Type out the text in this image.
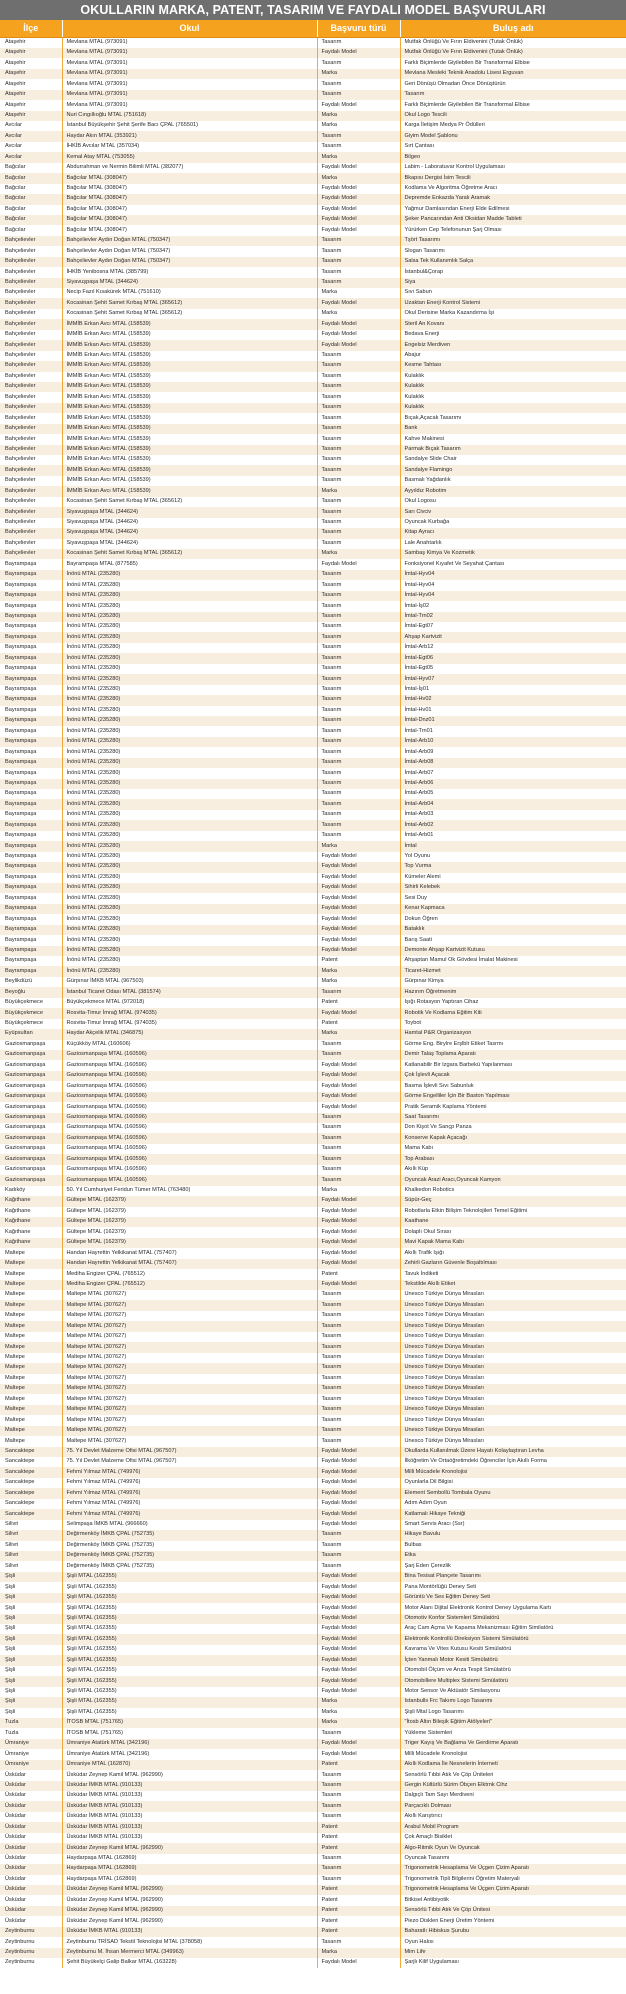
OKULLARIN MARKA, PATENT, TASARIM VE FAYDALI MODEL BAŞVURULARI
İlçe	Okul	Başvuru türü	Buluş adı
Ataşehir	Mevlana MTAL (973091)	Tasarım	Mutfak Önlüğü Ve Fırın Eldivenini (Tutak Önlük)
Ataşehir	Mevlana MTAL (973091)	Faydalı Model	Mutfak Önlüğü Ve Fırın Eldivenini (Tutak Önlük)
Ataşehir	Mevlana MTAL (973091)	Tasarım	Farklı Biçimlerde Giyilebilen Bir Transformal Elbise
Ataşehir	Mevlana MTAL (973091)	Marka	Mevlana Mesleki Teknik Anadolu Lisesi Erguvan
Ataşehir	Mevlana MTAL (973091)	Tasarım	Geri Dönüşü Olmadan Önce Dönüştürün
Ataşehir	Mevlana MTAL (973091)	Tasarım	Tasarım
Ataşehir	Mevlana MTAL (973091)	Faydalı Model	Farklı Biçimlerde Giyilebilen Bir Transformal Elbise
Ataşehir	Nuri Cıngıllıoğlu MTAL (751618)	Marka	Okul Logo Tescili
Avcılar	İstanbul Büyükşehir Şehit Şerife Bacı ÇPAL (765501)	Marka	Karga İletişim Medya Pr Ödülleri
Avcılar	Haydar Akın MTAL (353921)	Tasarım	Giyim Model Şablonu
Avcılar	İHKİB Avcılar MTAL (357034)	Tasarım	Sırt Çantası
Avcılar	Kemal Atay MTAL (753055)	Marka	Bilgeo
Bağcılar	Abdurrahman ve Nermin Bilimli MTAL (382077)	Faydalı Model	Labim - Laboratuvar Kontrol Uygulaması
Bağcılar	Bağcılar MTAL (308047)	Marka	Bkapısı Dergisi İsim Tescili
Bağcılar	Bağcılar MTAL (308047)	Faydalı Model	Kodlama Ve Algoritma Öğretme Aracı
Bağcılar	Bağcılar MTAL (308047)	Faydalı Model	Depremde Enkazda Yaralı Aramak
Bağcılar	Bağcılar MTAL (308047)	Faydalı Model	Yağmur Damlasından Enerji Elde Edilmesi
Bağcılar	Bağcılar MTAL (308047)	Faydalı Model	Şeker Pancarından Anti Oksidan Madde Tableti
Bağcılar	Bağcılar MTAL (308047)	Faydalı Model	Yürürken Cep Telefonunun Şarj Olması
Bahçelievler	Bahçelievler Aydın Doğan MTAL (750347)	Tasarım	Tşört Tasarımı
Bahçelievler	Bahçelievler Aydın Doğan MTAL (750347)	Tasarım	Slogan Tasarımı
Bahçelievler	Bahçelievler Aydın Doğan MTAL (750347)	Tasarım	Salsa Tek Kullanımlık Salça
Bahçelievler	İHKİB Yenibosna MTAL (385799)	Tasarım	İstanbul&Çorap
Bahçelievler	Siyavuşpaşa MTAL (344624)	Tasarım	Siya
Bahçelievler	Necip Fazıl Kısakürek MTAL (751610)	Marka	Sıvı Sabun
Bahçelievler	Kocasinan Şehit Samet Kırbaş MTAL (365612)	Faydalı Model	Uzaktan Enerji Kontrol Sistemi
Bahçelievler	Kocasinan Şehit Samet Kırbaş MTAL (365612)	Marka	Okul Derisine Marka Kazandırma İşi
Bahçelievler	İMMİB Erkan Avcı MTAL (158539)	Faydalı Model	Steril An Kovanı
Bahçelievler	İMMİB Erkan Avcı MTAL (158539)	Faydalı Model	Bedava Enerji
Bahçelievler	İMMİB Erkan Avcı MTAL (158539)	Faydalı Model	Engelsiz Merdiven
Bahçelievler	İMMİB Erkan Avcı MTAL (158539)	Tasarım	Abajur
Bahçelievler	İMMİB Erkan Avcı MTAL (158539)	Tasarım	Kesme Tahtası
Bahçelievler	İMMİB Erkan Avcı MTAL (158539)	Tasarım	Kulaklık
Bahçelievler	İMMİB Erkan Avcı MTAL (158539)	Tasarım	Kulaklık
Bahçelievler	İMMİB Erkan Avcı MTAL (158539)	Tasarım	Kulaklık
Bahçelievler	İMMİB Erkan Avcı MTAL (158539)	Tasarım	Kulaklık
Bahçelievler	İMMİB Erkan Avcı MTAL (158539)	Tasarım	Bıçak,Açacak Tasarımı
Bahçelievler	İMMİB Erkan Avcı MTAL (158539)	Tasarım	Bank
Bahçelievler	İMMİB Erkan Avcı MTAL (158539)	Tasarım	Kahve Makinesi
Bahçelievler	İMMİB Erkan Avcı MTAL (158539)	Tasarım	Parmak Bıçak Tasarım
Bahçelievler	İMMİB Erkan Avcı MTAL (158539)	Tasarım	Sandalye Slide Chair
Bahçelievler	İMMİB Erkan Avcı MTAL (158539)	Tasarım	Sandalye Flamingo
Bahçelievler	İMMİB Erkan Avcı MTAL (158539)	Tasarım	Basmalı Yağdanlık
Bahçelievler	İMMİB Erkan Avcı MTAL (158539)	Marka	Ayyıldız Robotim
Bahçelievler	Kocasinan Şehit Samet Kırbaş MTAL (365612)	Tasarım	Okul Logosu
Bahçelievler	Siyavuşpaşa MTAL (344624)	Tasarım	Sarı Civciv
Bahçelievler	Siyavuşpaşa MTAL (344624)	Tasarım	Oyuncak Kurbağa
Bahçelievler	Siyavuşpaşa MTAL (344624)	Tasarım	Kitap Ayracı
Bahçelievler	Siyavuşpaşa MTAL (344624)	Tasarım	Lale Anahtarlık
Bahçelievler	Kocasinan Şehit Samet Kırbaş MTAL (365612)	Marka	Sambaş Kimya Ve Kozmetik
Bayrampaşa	Bayrampaşa MTAL (877585)	Faydalı Model	Fonksiyonel Kıyafet Ve Seyahat Çantası
Bayrampaşa	İnönü MTAL (235280)	Tasarım	İmtal-Hyv04
Bayrampaşa	İnönü MTAL (235280)	Tasarım	İmtal-Hyv04
Bayrampaşa	İnönü MTAL (235280)	Tasarım	İmtal-Hyv04
Bayrampaşa	İnönü MTAL (235280)	Tasarım	İmtal-İş02
Bayrampaşa	İnönü MTAL (235280)	Tasarım	İmtal-Trn02
Bayrampaşa	İnönü MTAL (235280)	Tasarım	İmtal-Egt07
Bayrampaşa	İnönü MTAL (235280)	Tasarım	Ahşap Kartvizit
Bayrampaşa	İnönü MTAL (235280)	Tasarım	İmtal-Arb12
Bayrampaşa	İnönü MTAL (235280)	Tasarım	İmtal-Egt06
Bayrampaşa	İnönü MTAL (235280)	Tasarım	İmtal-Egt05
Bayrampaşa	İnönü MTAL (235280)	Tasarım	İmtal-Hyv07
Bayrampaşa	İnönü MTAL (235280)	Tasarım	İmtal-İş01
Bayrampaşa	İnönü MTAL (235280)	Tasarım	İmtal-Hv02
Bayrampaşa	İnönü MTAL (235280)	Tasarım	İmtal-Hv01
Bayrampaşa	İnönü MTAL (235280)	Tasarım	İmtal-Dnz01
Bayrampaşa	İnönü MTAL (235280)	Tasarım	İmtal-Trn01
Bayrampaşa	İnönü MTAL (235280)	Tasarım	İmtal-Arb10
Bayrampaşa	İnönü MTAL (235280)	Tasarım	İmtal-Arb09
Bayrampaşa	İnönü MTAL (235280)	Tasarım	İmtal-Arb08
Bayrampaşa	İnönü MTAL (235280)	Tasarım	İmtal-Arb07
Bayrampaşa	İnönü MTAL (235280)	Tasarım	İmtal-Arb06
Bayrampaşa	İnönü MTAL (235280)	Tasarım	İmtal-Arb05
Bayrampaşa	İnönü MTAL (235280)	Tasarım	İmtal-Arb04
Bayrampaşa	İnönü MTAL (235280)	Tasarım	İmtal-Arb03
Bayrampaşa	İnönü MTAL (235280)	Tasarım	İmtal-Arb02
Bayrampaşa	İnönü MTAL (235280)	Tasarım	İmtal-Arb01
Bayrampaşa	İnönü MTAL (235280)	Marka	İmtal
Bayrampaşa	İnönü MTAL (235280)	Faydalı Model	Yol Oyunu
Bayrampaşa	İnönü MTAL (235280)	Faydalı Model	Top Vurma
Bayrampaşa	İnönü MTAL (235280)	Faydalı Model	Kümeler Alemi
Bayrampaşa	İnönü MTAL (235280)	Faydalı Model	Sihirli Kelebek
Bayrampaşa	İnönü MTAL (235280)	Faydalı Model	Sesi Duy
Bayrampaşa	İnönü MTAL (235280)	Faydalı Model	Kenar Kapmaca
Bayrampaşa	İnönü MTAL (235280)	Faydalı Model	Dokun Öğren
Bayrampaşa	İnönü MTAL (235280)	Faydalı Model	Bataklık
Bayrampaşa	İnönü MTAL (235280)	Faydalı Model	Barış Saati
Bayrampaşa	İnönü MTAL (235280)	Faydalı Model	Demonte Ahşap Kartvizit Kutusu
Bayrampaşa	İnönü MTAL (235280)	Patent	Ahşaptan Mamul Ok Gövdesi İmalat Makinesi
Bayrampaşa	İnönü MTAL (235280)	Marka	Ticaret-Hizmet
Beylikdüzü	Gürpınar İMKB MTAL (967503)	Marka	Gürpınar Kimya
Beyoğlu	İstanbul Ticaret Odası MTAL (381574)	Tasarım	Hazırım Öğretmenim
Büyükçekmece	Büyükçekmece MTAL (972018)	Patent	Işığı Rotasyon Yaptıran Cihaz
Büyükçekmece	Rosvita-Timur İmrağ MTAL (974035)	Faydalı Model	Robotik Ve Kodlama Eğitim Kiti
Büyükçekmece	Rosvita-Timur İmrağ MTAL (974035)	Patent	Toybot
Eyüpsultan	Haydar Akçelik MTAL (346875)	Marka	Hamtal P&R Organizasyon
Gaziosmanpaşa	Küçükköy MTAL (160606)	Tasarım	Görme Eng. Birylre Erşlblr Etiket Tasrmı
Gaziosmanpaşa	Gaziosmanpaşa MTAL (160596)	Tasarım	Demir Talaş Toplama Aparatı
Gaziosmanpaşa	Gaziosmanpaşa MTAL (160596)	Faydalı Model	Katlanabilir Bir Izgara Barbekü Yapılanması
Gaziosmanpaşa	Gaziosmanpaşa MTAL (160596)	Faydalı Model	Çok İşlevli Açacak
Gaziosmanpaşa	Gaziosmanpaşa MTAL (160596)	Faydalı Model	Basma İşlevli Sıvı Sabunluk
Gaziosmanpaşa	Gaziosmanpaşa MTAL (160596)	Faydalı Model	Görme Engelliler İçin Bir Baston Yapılması
Gaziosmanpaşa	Gaziosmanpaşa MTAL (160596)	Faydalı Model	Pratik Seramik Kaplama Yöntemi
Gaziosmanpaşa	Gaziosmanpaşa MTAL (160596)	Tasarım	Saat Tasarımı
Gaziosmanpaşa	Gaziosmanpaşa MTAL (160596)	Tasarım	Don Kişot Ve Sançp Panza
Gaziosmanpaşa	Gaziosmanpaşa MTAL (160596)	Tasarım	Konserve Kapak Açacağı
Gaziosmanpaşa	Gaziosmanpaşa MTAL (160596)	Tasarım	Mama Kabı
Gaziosmanpaşa	Gaziosmanpaşa MTAL (160596)	Tasarım	Top Arabası
Gaziosmanpaşa	Gaziosmanpaşa MTAL (160596)	Tasarım	Akıllı Küp
Gaziosmanpaşa	Gaziosmanpaşa MTAL (160596)	Tasarım	Oyuncak Arazi Aracı,Oyuncak Kamyon
Kadıköy	50. Yıl Cumhuriyet Feridun Tümer MTAL (763480)	Marka	Khalkedon Robotics
Kağıthane	Gültepe MTAL (162379)	Faydalı Model	Süpür-Geç
Kağıthane	Gültepe MTAL (162379)	Faydalı Model	Robotlarla Etkin Bilişim Teknolojileri Temel Eğitimi
Kağıthane	Gültepe MTAL (162379)	Faydalı Model	Kaathane
Kağıthane	Gültepe MTAL (162379)	Faydalı Model	Dolaplı Okul Sırası
Kağıthane	Gültepe MTAL (162379)	Faydalı Model	Mavi Kapak Mama Kabı
Maltepe	Handan Hayrettin Yelkikanat MTAL (757407)	Faydalı Model	Akıllı Trafik Işığı
Maltepe	Handan Hayrettin Yelkikanat MTAL (757407)	Faydalı Model	Zehirli Gazların Güvenle Boşaltılması
Maltepe	Mediha Engizer ÇPAL (765512)	Patent	Tavuk İndiketi
Maltepe	Mediha Engizer ÇPAL (765512)	Faydalı Model	Tekstilde Akıllı Etiket
Maltepe	Maltepe MTAL (307627)	Tasarım	Unesco Türkiye Dünya Mirasları
Maltepe	Maltepe MTAL (307627)	Tasarım	Unesco Türkiye Dünya Mirasları
Maltepe	Maltepe MTAL (307627)	Tasarım	Unesco Türkiye Dünya Mirasları
Maltepe	Maltepe MTAL (307627)	Tasarım	Unesco Türkiye Dünya Mirasları
Maltepe	Maltepe MTAL (307627)	Tasarım	Unesco Türkiye Dünya Mirasları
Maltepe	Maltepe MTAL (307627)	Tasarım	Unesco Türkiye Dünya Mirasları
Maltepe	Maltepe MTAL (307627)	Tasarım	Unesco Türkiye Dünya Mirasları
Maltepe	Maltepe MTAL (307627)	Tasarım	Unesco Türkiye Dünya Mirasları
Maltepe	Maltepe MTAL (307627)	Tasarım	Unesco Türkiye Dünya Mirasları
Maltepe	Maltepe MTAL (307627)	Tasarım	Unesco Türkiye Dünya Mirasları
Maltepe	Maltepe MTAL (307627)	Tasarım	Unesco Türkiye Dünya Mirasları
Maltepe	Maltepe MTAL (307627)	Tasarım	Unesco Türkiye Dünya Mirasları
Maltepe	Maltepe MTAL (307627)	Tasarım	Unesco Türkiye Dünya Mirasları
Maltepe	Maltepe MTAL (307627)	Tasarım	Unesco Türkiye Dünya Mirasları
Maltepe	Maltepe MTAL (307627)	Tasarım	Unesco Türkiye Dünya Mirasları
Sancaktepe	75. Yıl Devlet Malzeme Ofisi MTAL (967507)	Faydalı Model	Okullarda Kullanılmak Üzere Hayatı Kolaylaştıran Levha
Sancaktepe	75. Yıl Devlet Malzeme Ofisi MTAL (967507)	Faydalı Model	İlköğretim Ve Ortaöğretimdeki Öğrenciler İçin Akıllı Forma
Sancaktepe	Fehmi Yılmaz MTAL (749976)	Faydalı Model	Milli Mücadele Kronolojisi
Sancaktepe	Fehmi Yılmaz MTAL (749976)	Faydalı Model	Oyunlarla Dil Bilgisi
Sancaktepe	Fehmi Yılmaz MTAL (749976)	Faydalı Model	Element Sembollü Tombala Oyunu
Sancaktepe	Fehmi Yılmaz MTAL (749976)	Faydalı Model	Adım Adım Oyun
Sancaktepe	Fehmi Yılmaz MTAL (749976)	Faydalı Model	Katlamalı Hikaye Tekniği
Silivri	Selimpaşa İMKB MTAL (966660)	Faydalı Model	Smart Servis Aracı (Ssr)
Silivri	Değirmenköy İMKB ÇPAL (752735)	Tasarım	Hikaye Bavulu
Silivri	Değirmenköy İMKB ÇPAL (752735)	Tasarım	Bulbas
Silivri	Değirmenköy İMKB ÇPAL (752735)	Tasarım	Etka
Silivri	Değirmenköy İMKB ÇPAL (752735)	Tasarım	Şarj Eden Çerezlik
Şişli	Şişli MTAL (162355)	Faydalı Model	Bina Tesisat Plançete Tasarımı
Şişli	Şişli MTAL (162355)	Faydalı Model	Pana Montörlüğü Deney Seti
Şişli	Şişli MTAL (162355)	Faydalı Model	Görüntü Ve Ses Eğitim Deney Seti
Şişli	Şişli MTAL (162355)	Faydalı Model	Motor Alanı Dijital Elektronik Kontrol Deney Uygulama Kartı
Şişli	Şişli MTAL (162355)	Faydalı Model	Otomotiv Konfor Sistemleri Simülatörü
Şişli	Şişli MTAL (162355)	Faydalı Model	Araç Cam Açma Ve Kapama Mekanizması Eğitim Similatörü
Şişli	Şişli MTAL (162355)	Faydalı Model	Elektronik Kontrollü Direksiyon Sistemi Simülatörü
Şişli	Şişli MTAL (162355)	Faydalı Model	Kavrama Ve Vites Kutusu Kesiti Simülatörü
Şişli	Şişli MTAL (162355)	Faydalı Model	İçten Yanmalı Motor Kesiti Simülatörü
Şişli	Şişli MTAL (162355)	Faydalı Model	Otomobil Ölçüm ve Arıza Tespit Simülatörü
Şişli	Şişli MTAL (162355)	Faydalı Model	Otomobillere Multiplex Sistemi Simülatörü
Şişli	Şişli MTAL (162355)	Faydalı Model	Motor Sensor Ve Aktüatör Similasyonu
Şişli	Şişli MTAL (162355)	Marka	Istanbulls Frc Takımı Logo Tasarımı
Şişli	Şişli MTAL (162355)	Marka	Şişli Mtal Logo Tasarımı
Tuzla	İTOSB MTAL (751765)	Marka	"İtosb Altın Bileşik Eğitim Atölyeleri"
Tuzla	İTOSB MTAL (751765)	Tasarım	Yükleme Sistemleri
Ümraniye	Ümraniye Atatürk MTAL (342196)	Faydalı Model	Triger Kayış Ve Bağlama Ve Gerdirme Aparatı
Ümraniye	Ümraniye Atatürk MTAL (342196)	Faydalı Model	Milli Mücadele Kronolojisi
Ümraniye	Ümraniye MTAL (162870)	Patent	Akıllı Kodlama İle Nesnelerin İnterneti
Üsküdar	Üsküdar Zeynep Kamil MTAL (962990)	Tasarım	Sensörlü Tıbbi Atık Ve Çöp Üniteleri
Üsküdar	Üsküdar İMKB MTAL (910133)	Tasarım	Gergin Kültürlü Sürim Öbçen Elktrnk Cihz
Üsküdar	Üsküdar İMKB MTAL (910133)	Tasarım	Dalgıçlı Tam Sayı Merdiveni
Üsküdar	Üsküdar İMKB MTAL (910133)	Tasarım	Parçacıklı Dolması
Üsküdar	Üsküdar İMKB MTAL (910133)	Tasarım	Akıllı Karıştırıcı
Üsküdar	Üsküdar İMKB MTAL (910133)	Patent	Arabul Mobil Program
Üsküdar	Üsküdar İMKB MTAL (910133)	Patent	Çok Amaçlı Bisiklet
Üsküdar	Üsküdar Zeynep Kamil MTAL (962990)	Patent	Algo-Ritmik Oyun Ve Oyuncak
Üsküdar	Haydarpaşa MTAL (162869)	Tasarım	Oyuncak Tasarımı
Üsküdar	Haydarpaşa MTAL (162869)	Tasarım	Trigonometrik Hesaplama Ve Üçgen Çizim Aparatı
Üsküdar	Haydarpaşa MTAL (162869)	Tasarım	Trigonometrik Tipli Bilgilerini Öğretim Materyali
Üsküdar	Üsküdar Zeynep Kamil MTAL (962990)	Patent	Trigonometrik Hesaplama Ve Üçgen Çizim Aparatı
Üsküdar	Üsküdar Zeynep Kamil MTAL (962990)	Patent	Bitkisel Antibiyotik
Üsküdar	Üsküdar Zeynep Kamil MTAL (962990)	Patent	Sensörlü Tıbbi Atık Ve Çöp Ünitesi
Üsküdar	Üsküdar Zeynep Kamil MTAL (962990)	Patent	Piezo Disklen Enerji Üretim Yöntemi
Zeytinburnu	Üsküdar İMKB MTAL (910133)	Patent	Baharatlı Hibiskus Şurubu
Zeytinburnu	Zeytinburnu TRİSAD Tekstil Teknolojisi MTAL (378058)	Tasarım	Oyun Halısı
Zeytinburnu	Zeytinburnu M. İhsan Mermerci MTAL (349963)	Marka	Mim Life
Zeytinburnu	Şehit Büyükelçi Galip Balkar MTAL (163228)	Faydalı Model	Şarjlı Kilif Uygulaması
